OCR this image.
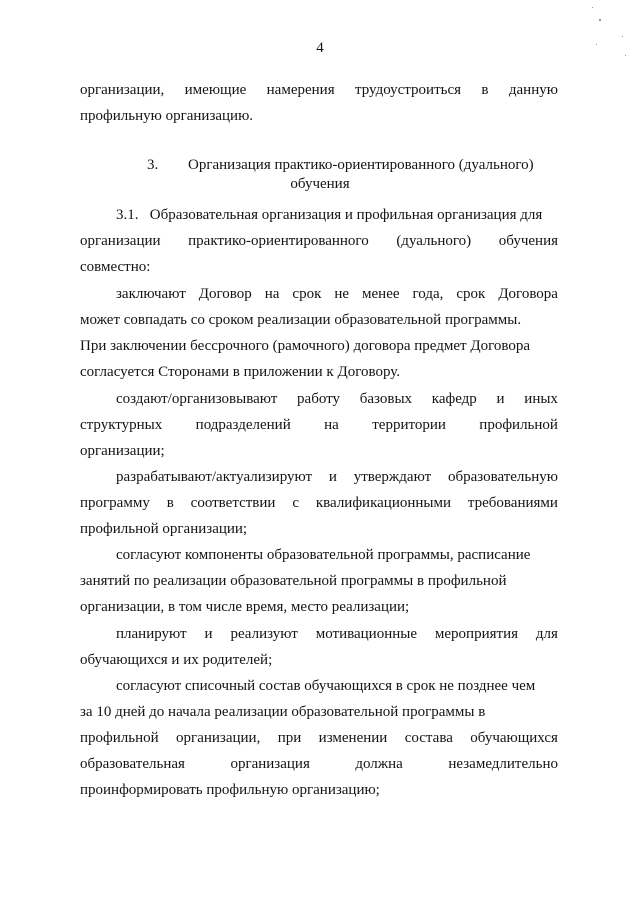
4
организации, имеющие намерения трудоустроиться в данную
профильную организацию.
3. Организация практико-ориентированного (дуального)
обучения
3.1.   Образовательная организация и профильная организация для
организации практико-ориентированного (дуального) обучения
совместно:
заключают Договор на срок не менее года, срок Договора
может совпадать со сроком реализации образовательной программы.
При заключении бессрочного (рамочного) договора предмет Договора
согласуется Сторонами в приложении к Договору.
создают/организовывают работу базовых кафедр и иных
структурных подразделений на территории профильной
организации;
разрабатывают/актуализируют и утверждают образовательную
программу в соответствии с квалификационными требованиями
профильной организации;
согласуют компоненты образовательной программы, расписание
занятий по реализации образовательной программы в профильной
организации, в том числе время, место реализации;
планируют и реализуют мотивационные мероприятия для
обучающихся и их родителей;
согласуют списочный состав обучающихся в срок не позднее чем
за 10 дней до начала реализации образовательной программы в
профильной организации, при изменении состава обучающихся
образовательная	организация	должна	незамедлительно
проинформировать профильную организацию;
